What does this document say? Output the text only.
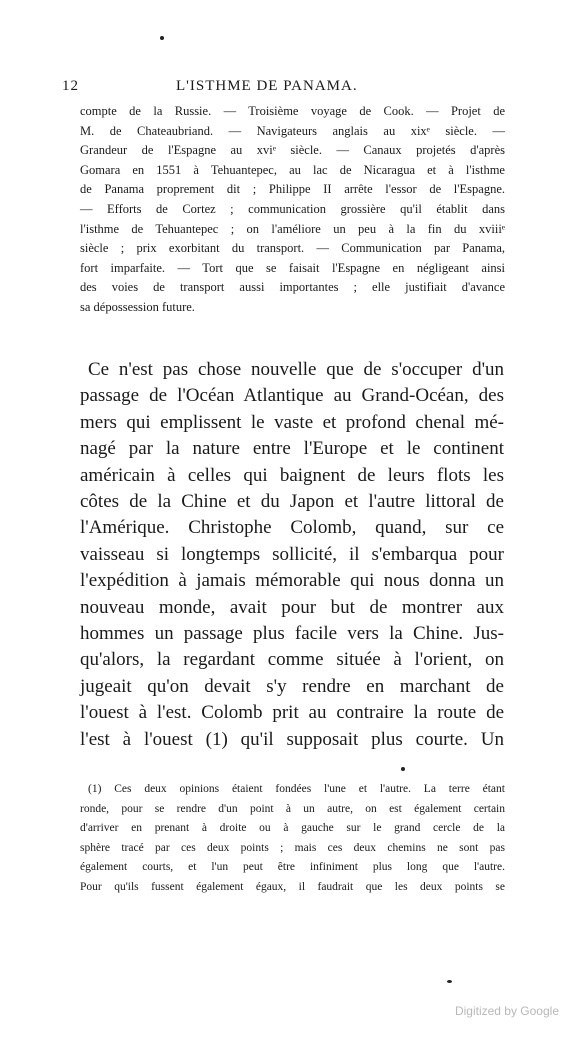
12	L'ISTHME DE PANAMA.
compte de la Russie. — Troisième voyage de Cook. — Projet de
M. de Chateaubriand. — Navigateurs anglais au xixᵉ siècle. —
Grandeur de l'Espagne au xviᵉ siècle. — Canaux projetés d'après
Gomara en 1551 à Tehuantepec, au lac de Nicaragua et à l'isthme
de Panama proprement dit ; Philippe II arrête l'essor de l'Espagne.
— Efforts de Cortez ; communication grossière qu'il établit dans
l'isthme de Tehuantepec ; on l'améliore un peu à la fin du xviiiᵉ
siècle ; prix exorbitant du transport. — Communication par Panama,
fort imparfaite. — Tort que se faisait l'Espagne en négligeant ainsi
des voies de transport aussi importantes ; elle justifiait d'avance
sa dépossession future.
Ce n'est pas chose nouvelle que de s'occuper d'un
passage de l'Océan Atlantique au Grand-Océan, des
mers qui emplissent le vaste et profond chenal mé-
nagé par la nature entre l'Europe et le continent
américain à celles qui baignent de leurs flots les
côtes de la Chine et du Japon et l'autre littoral de
l'Amérique. Christophe Colomb, quand, sur ce
vaisseau si longtemps sollicité, il s'embarqua pour
l'expédition à jamais mémorable qui nous donna un
nouveau monde, avait pour but de montrer aux
hommes un passage plus facile vers la Chine. Jus-
qu'alors, la regardant comme située à l'orient, on
jugeait qu'on devait s'y rendre en marchant de
l'ouest à l'est. Colomb prit au contraire la route de
l'est à l'ouest (1) qu'il supposait plus courte. Un
(1) Ces deux opinions étaient fondées l'une et l'autre. La terre étant
ronde, pour se rendre d'un point à un autre, on est également certain
d'arriver en prenant à droite ou à gauche sur le grand cercle de la
sphère tracé par ces deux points ; mais ces deux chemins ne sont pas
également courts, et l'un peut être infiniment plus long que l'autre.
Pour qu'ils fussent également égaux, il faudrait que les deux points se
Digitized by Google
